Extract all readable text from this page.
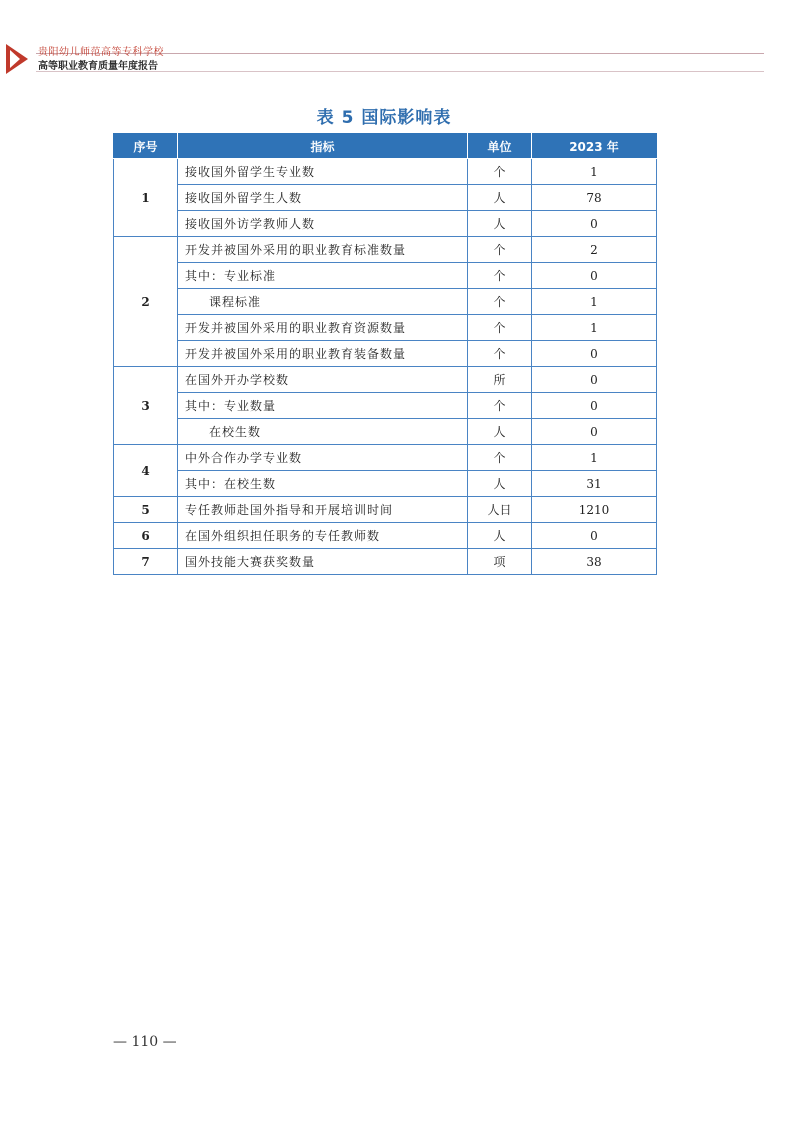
贵阳幼儿师范高等专科学校
高等职业教育质量年度报告
表 5 国际影响表
序号	指标	单位	2023 年
1	接收国外留学生专业数	个	1
	接收国外留学生人数	人	78
	接收国外访学教师人数	人	0
2	开发并被国外采用的职业教育标准数量	个	2
	其中：专业标准	个	0
	课程标准	个	1
	开发并被国外采用的职业教育资源数量	个	1
	开发并被国外采用的职业教育装备数量	个	0
3	在国外开办学校数	所	0
	其中：专业数量	个	0
	在校生数	人	0
4	中外合作办学专业数	个	1
	其中：在校生数	人	31
5	专任教师赴国外指导和开展培训时间	人日	1210
6	在国外组织担任职务的专任教师数	人	0
7	国外技能大赛获奖数量	项	38
— 110 —
